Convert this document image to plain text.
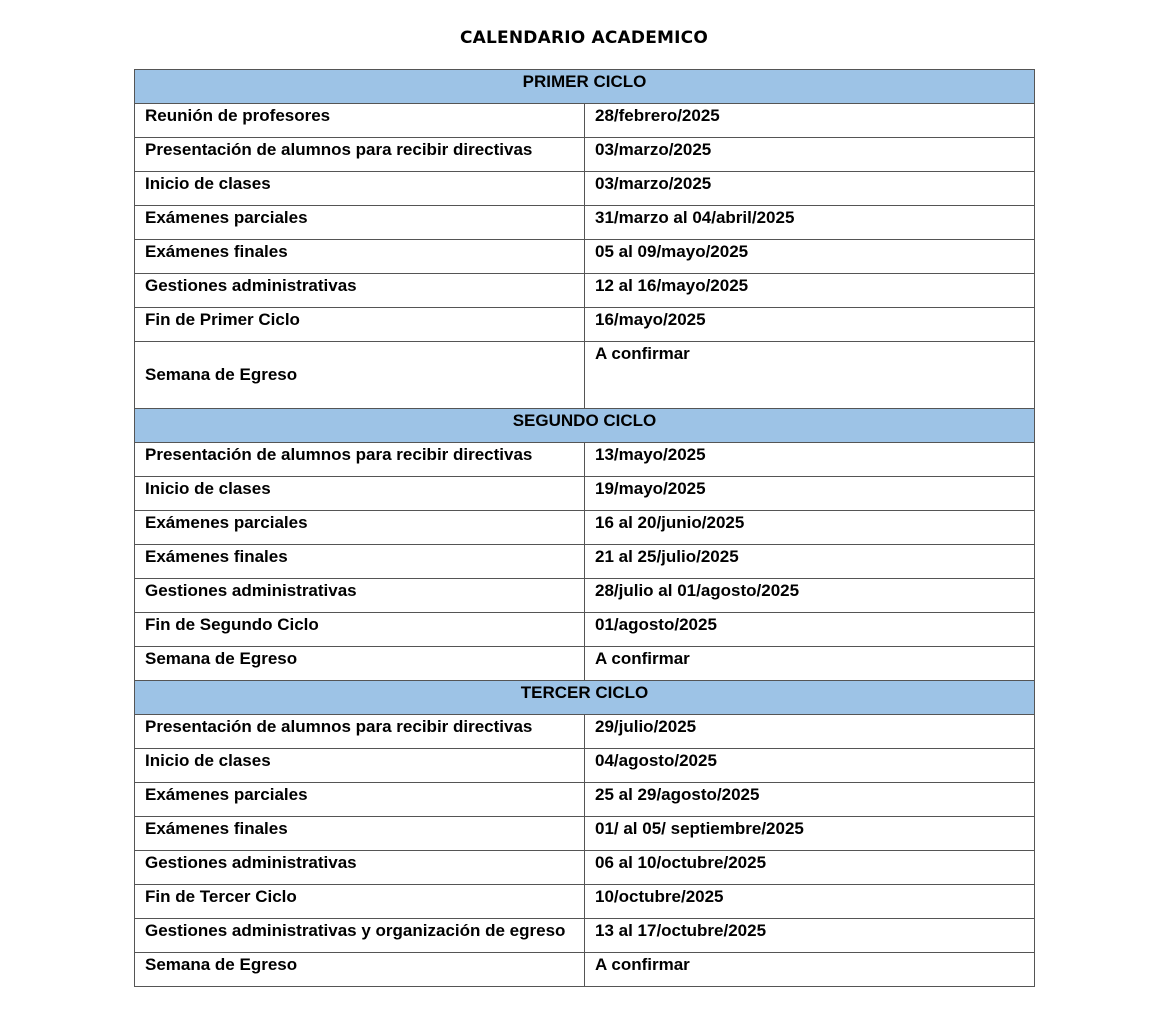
CALENDARIO ACADEMICO
PRIMER CICLO	
Reunión de profesores	28/febrero/2025
Presentación de alumnos para recibir directivas	03/marzo/2025
Inicio de clases	03/marzo/2025
Exámenes parciales	31/marzo al 04/abril/2025
Exámenes finales	05 al 09/mayo/2025
Gestiones administrativas	12 al 16/mayo/2025
Fin de Primer Ciclo	16/mayo/2025
Semana de Egreso	A confirmar
SEGUNDO CICLO	
Presentación de alumnos para recibir directivas	13/mayo/2025
Inicio de clases	19/mayo/2025
Exámenes parciales	16 al 20/junio/2025
Exámenes finales	21 al 25/julio/2025
Gestiones administrativas	28/julio al 01/agosto/2025
Fin de Segundo Ciclo	01/agosto/2025
Semana de Egreso	A confirmar
TERCER CICLO	
Presentación de alumnos para recibir directivas	29/julio/2025
Inicio de clases	04/agosto/2025
Exámenes parciales	25 al 29/agosto/2025
Exámenes finales	01/ al 05/ septiembre/2025
Gestiones administrativas	06 al 10/octubre/2025
Fin de Tercer Ciclo	10/octubre/2025
Gestiones administrativas y organización de egreso	13 al 17/octubre/2025
Semana de Egreso	A confirmar
